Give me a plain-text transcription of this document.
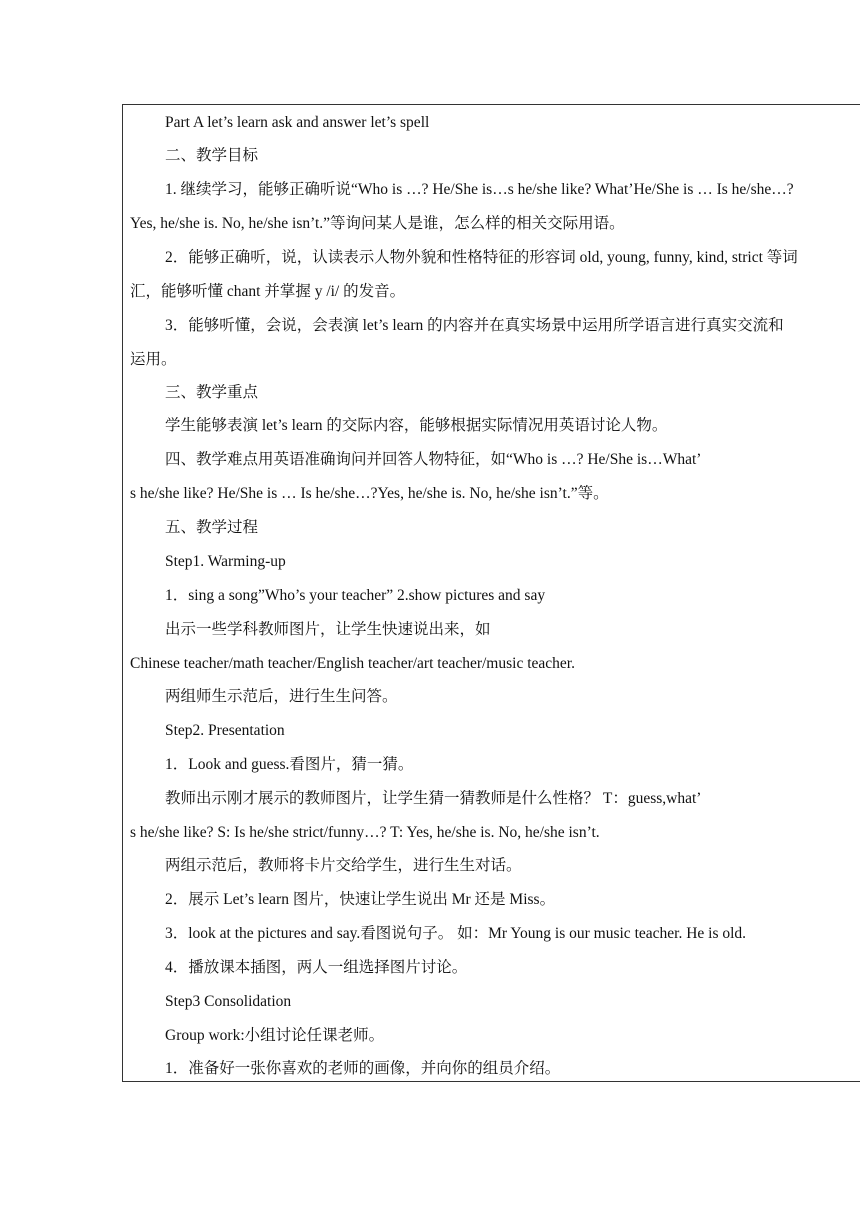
Part A let’s learn ask and answer let’s spell
二、教学目标
1. 继续学习，能够正确听说“Who is …? He/She is…s he/she like? What’He/She is … Is he/she…?
Yes, he/she is. No, he/she isn’t.”等询问某人是谁，怎么样的相关交际用语。
2．能够正确听，说，认读表示人物外貌和性格特征的形容词 old, young, funny, kind, strict 等词
汇，能够听懂 chant 并掌握 y /i/ 的发音。
3．能够听懂，会说，会表演 let’s learn 的内容并在真实场景中运用所学语言进行真实交流和
运用。
三、教学重点
学生能够表演 let’s learn 的交际内容，能够根据实际情况用英语讨论人物。
四、教学难点用英语准确询问并回答人物特征，如“Who is …? He/She is…What’
s he/she like? He/She is … Is he/she…?Yes, he/she is. No, he/she isn’t.”等。
五、教学过程
Step1. Warming-up
1．sing a song”Who’s your teacher” 2.show pictures and say
出示一些学科教师图片，让学生快速说出来，如
Chinese teacher/math teacher/English teacher/art teacher/music teacher.
两组师生示范后，进行生生问答。
Step2. Presentation
1．Look and guess.看图片，猜一猜。
教师出示刚才展示的教师图片，让学生猜一猜教师是什么性格？ T：guess,what’
s he/she like? S: Is he/she strict/funny…? T: Yes, he/she is. No, he/she isn’t.
两组示范后，教师将卡片交给学生，进行生生对话。
2．展示 Let’s learn 图片，快速让学生说出 Mr 还是 Miss。
3．look at the pictures and say.看图说句子。 如：Mr Young is our music teacher. He is old.
4．播放课本插图，两人一组选择图片讨论。
Step3 Consolidation
Group work:小组讨论任课老师。
1．准备好一张你喜欢的老师的画像，并向你的组员介绍。
